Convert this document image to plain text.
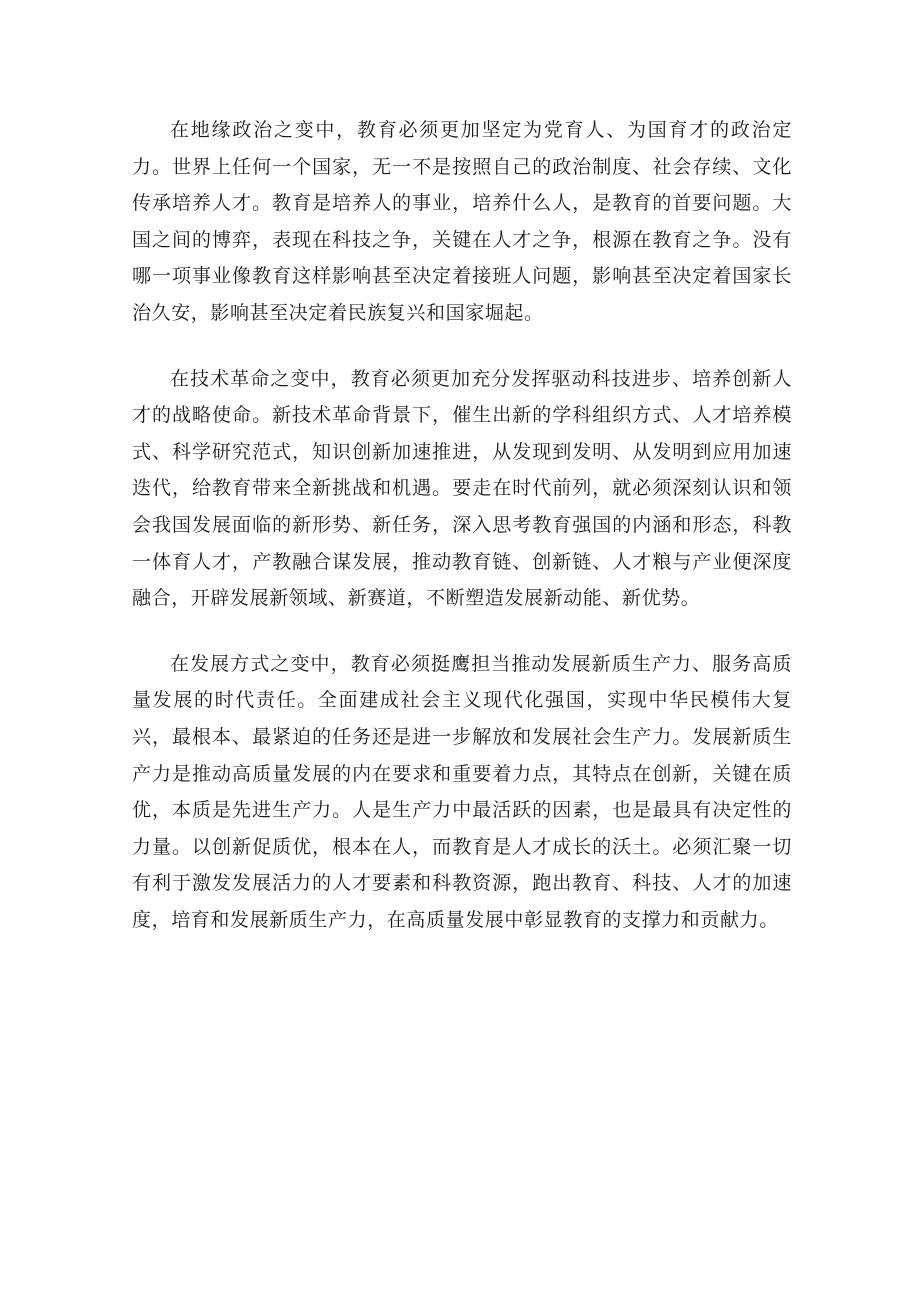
在地缘政治之变中，教育必须更加坚定为党育人、为国育才的政治定力。世界上任何一个国家，无一不是按照自己的政治制度、社会存续、文化传承培养人才。教育是培养人的事业，培养什么人，是教育的首要问题。大国之间的博弈，表现在科技之争，关键在人才之争，根源在教育之争。没有哪一项事业像教育这样影响甚至决定着接班人问题，影响甚至决定着国家长治久安，影响甚至决定着民族复兴和国家堀起。

在技术革命之变中，教育必须更加充分发挥驱动科技进步、培养创新人才的战略使命。新技术革命背景下，催生出新的学科组织方式、人才培养模式、科学研究范式，知识创新加速推进，从发现到发明、从发明到应用加速迭代，给教育带来全新挑战和机遇。要走在时代前列，就必须深刻认识和领会我国发展面临的新形势、新任务，深入思考教育强国的内涵和形态，科教一体育人才，产教融合谋发展，推动教育链、创新链、人才粮与产业便深度融合，开辟发展新领域、新赛道，不断塑造发展新动能、新优势。

在发展方式之变中，教育必须挺鹰担当推动发展新质生产力、服务高质量发展的时代责任。全面建成社会主义现代化强国，实现中华民模伟大复兴，最根本、最紧迫的任务还是进一步解放和发展社会生产力。发展新质生产力是推动高质量发展的内在要求和重要着力点，其特点在创新，关键在质优，本质是先进生产力。人是生产力中最活跃的因素，也是最具有决定性的力量。以创新促质优，根本在人，而教育是人才成长的沃土。必须汇聚一切有利于激发发展活力的人才要素和科教资源，跑出教育、科技、人才的加速度，培育和发展新质生产力，在高质量发展中彰显教育的支撑力和贡献力。
